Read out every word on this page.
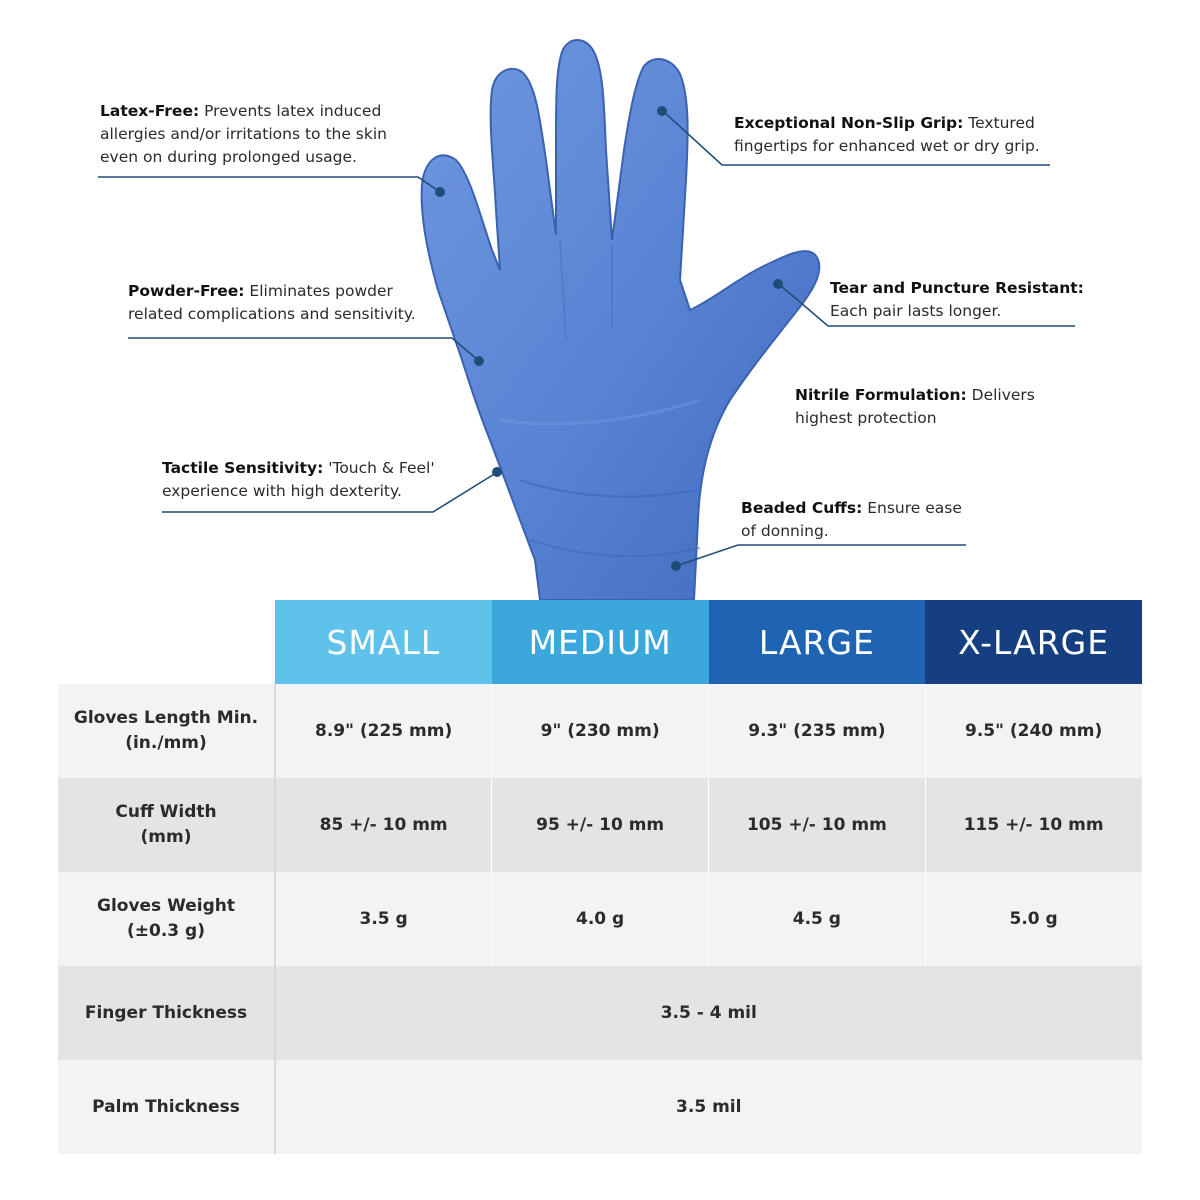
Latex-Free: Prevents latex induced
allergies and/or irritations to the skin
even on during prolonged usage.
Exceptional Non-Slip Grip: Textured
fingertips for enhanced wet or dry grip.
Powder-Free: Eliminates powder
related complications and sensitivity.
Tear and Puncture Resistant:
Each pair lasts longer.
Nitrile Formulation: Delivers
highest protection
Tactile Sensitivity: 'Touch & Feel'
experience with high dexterity.
Beaded Cuffs: Ensure ease
of donning.
	SMALL	MEDIUM	LARGE	X-LARGE

Gloves Length Min.
(in./mm)	8.9" (225 mm)	9" (230 mm)	9.3" (235 mm)	9.5" (240 mm)

Cuff Width
(mm)	85 +/- 10 mm	95 +/- 10 mm	105 +/- 10 mm	115 +/- 10 mm

Gloves Weight
(±0.3 g)	3.5 g	4.0 g	4.5 g	5.0 g

Finger Thickness	3.5 - 4 mil			

Palm Thickness	3.5 mil			
